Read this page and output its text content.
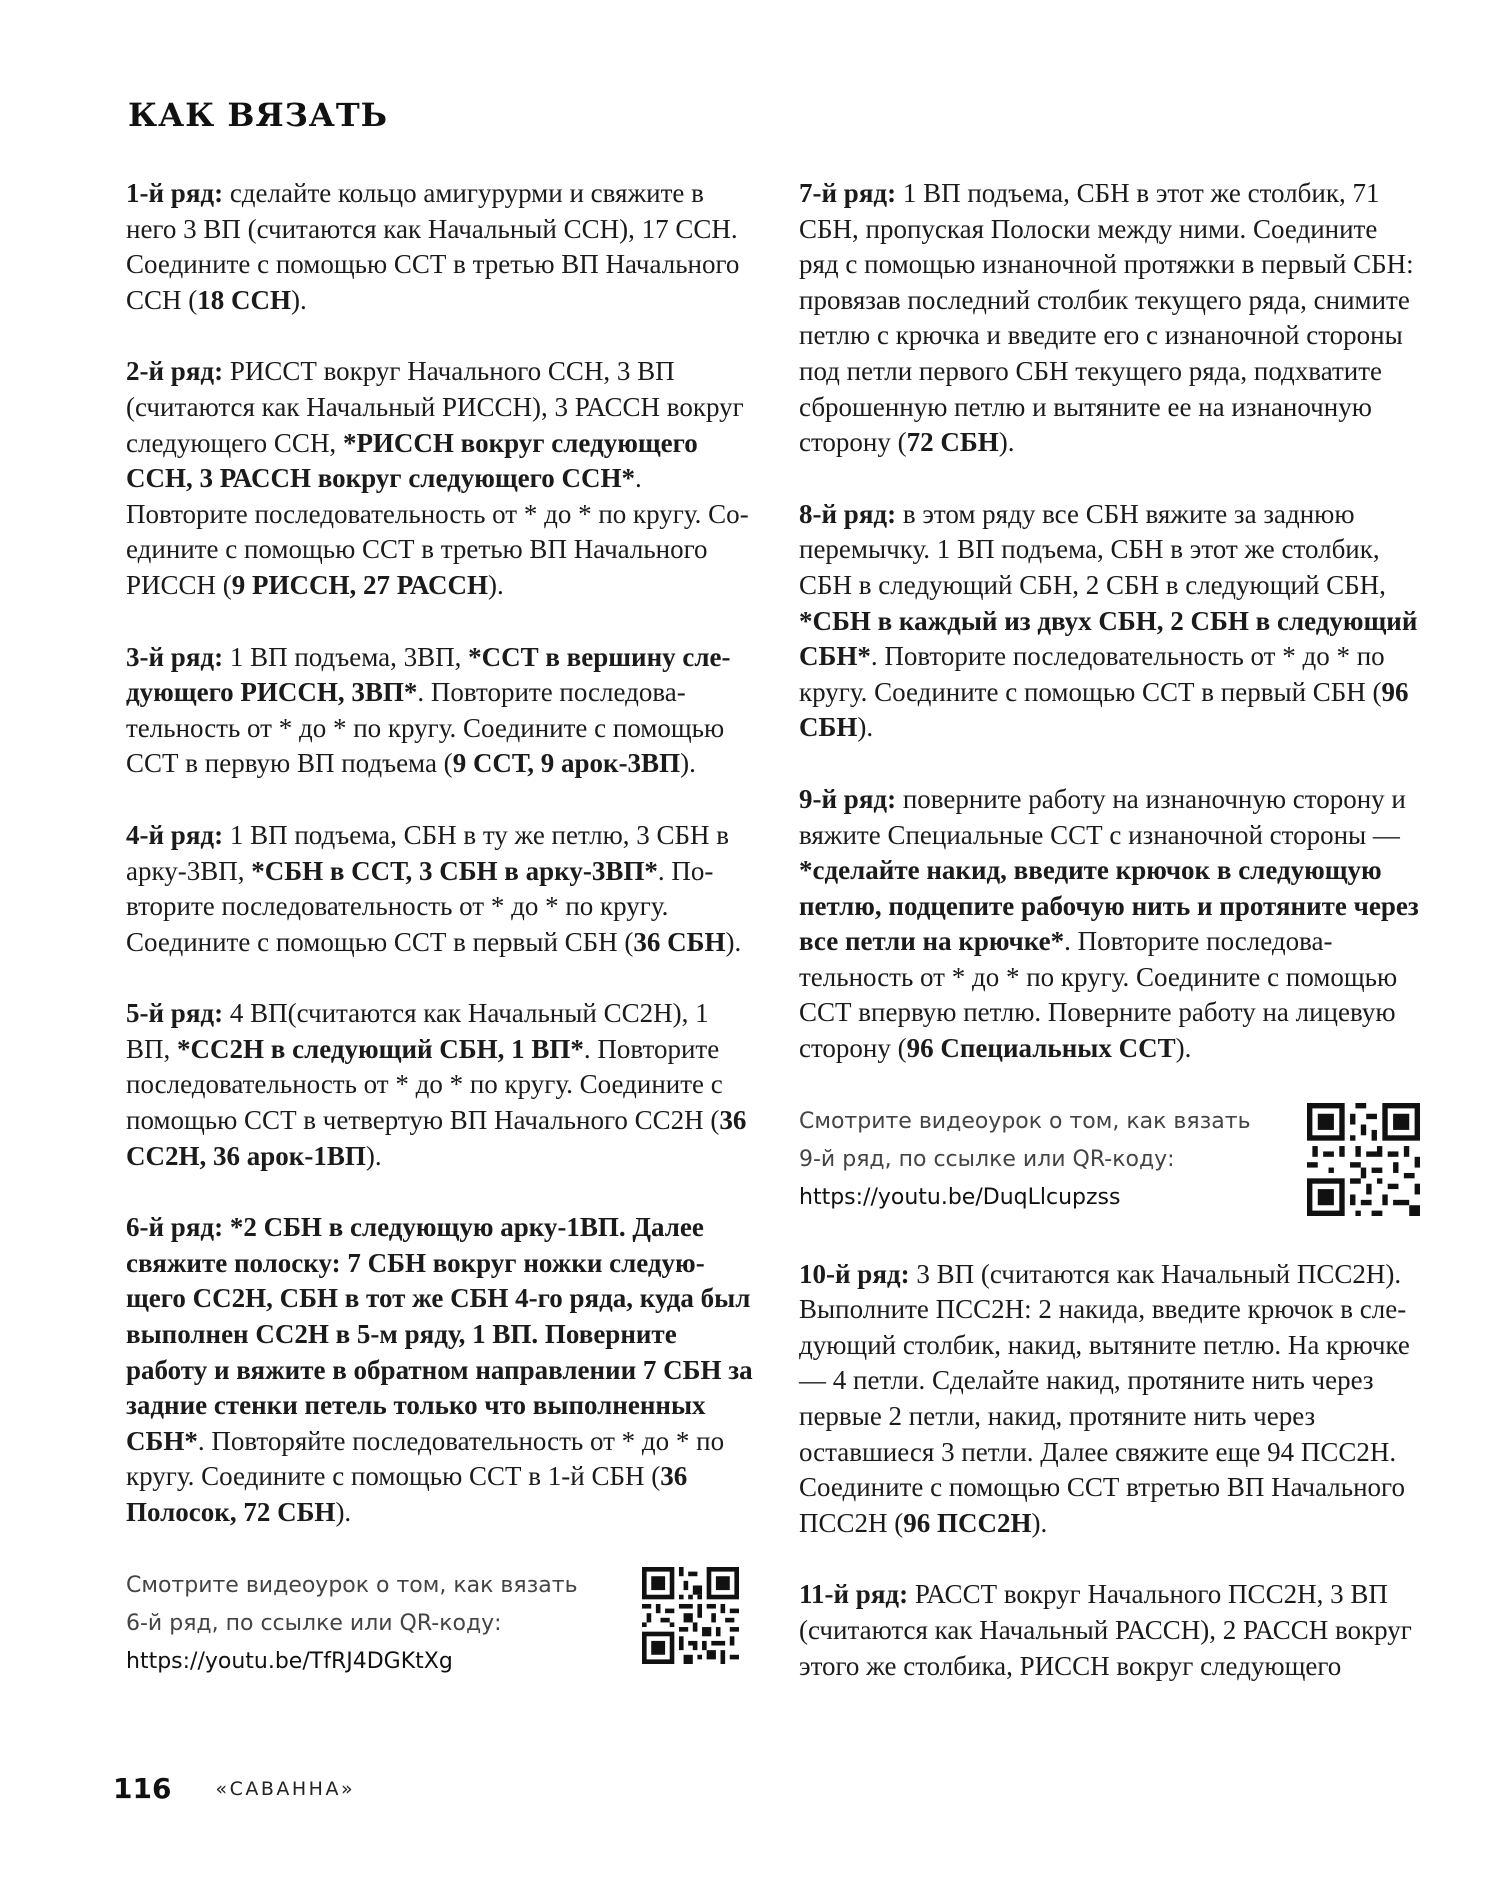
КАК ВЯЗАТЬ

1-й ряд: сделайте кольцо амигурурми и свяжите в него 3 ВП (считаются как Начальный ССН), 17 ССН. Соедините с помощью ССТ в третью ВП Начального ССН (18 ССН).

2-й ряд: РИССТ вокруг Начального ССН, 3 ВП (считаются как Начальный РИССН), 3 РАССН вокруг следующего ССН, *РИССН вокруг следующего ССН, 3 РАССН вокруг следующего ССН*. Повторите последовательность от * до * по кругу. Соедините с помощью ССТ в третью ВП Начального РИССН (9 РИССН, 27 РАССН).

3-й ряд: 1 ВП подъема, 3ВП, *ССТ в вершину следующего РИССН, 3ВП*. Повторите последовательность от * до * по кругу. Соедините с помощью ССТ в первую ВП подъема (9 ССТ, 9 арок-3ВП).

4-й ряд: 1 ВП подъема, СБН в ту же петлю, 3 СБН в арку-3ВП, *СБН в ССТ, 3 СБН в арку-3ВП*. Повторите последовательность от * до * по кругу. Соедините с помощью ССТ в первый СБН (36 СБН).

5-й ряд: 4 ВП(считаются как Начальный СС2Н), 1 ВП, *СС2Н в следующий СБН, 1 ВП*. Повторите последовательность от * до * по кругу. Соедините с помощью ССТ в четвертую ВП Начального СС2Н (36 СС2Н, 36 арок-1ВП).

6-й ряд: *2 СБН в следующую арку-1ВП. Далее свяжите полоску: 7 СБН вокруг ножки следующего СС2Н, СБН в тот же СБН 4-го ряда, куда был выполнен СС2Н в 5-м ряду, 1 ВП. Поверните работу и вяжите в обратном направлении 7 СБН за задние стенки петель только что выполненных СБН*. Повторяйте последовательность от * до * по кругу. Соедините с помощью ССТ в 1-й СБН (36 Полосок, 72 СБН).

Смотрите видеоурок о том, как вязать
6-й ряд, по ссылке или QR-коду:
https://youtu.be/TfRJ4DGKtXg

7-й ряд: 1 ВП подъема, СБН в этот же столбик, 71 СБН, пропуская Полоски между ними. Соедините ряд с помощью изнаночной протяжки в первый СБН: провязав последний столбик текущего ряда, снимите петлю с крючка и введите его с изнаночной стороны под петли первого СБН текущего ряда, подхватите сброшенную петлю и вытяните ее на изнаночную сторону (72 СБН).

8-й ряд: в этом ряду все СБН вяжите за заднюю перемычку. 1 ВП подъема, СБН в этот же столбик, СБН в следующий СБН, 2 СБН в следующий СБН, *СБН в каждый из двух СБН, 2 СБН в следующий СБН*. Повторите последовательность от * до * по кругу. Соедините с помощью ССТ в первый СБН (96 СБН).

9-й ряд: поверните работу на изнаночную сторону и вяжите Специальные ССТ с изнаночной стороны — *сделайте накид, введите крючок в следующую петлю, подцепите рабочую нить и протяните через все петли на крючке*. Повторите последовательность от * до * по кругу. Соедините с помощью ССТ впервую петлю. Поверните работу на лицевую сторону (96 Специальных ССТ).

Смотрите видеоурок о том, как вязать
9-й ряд, по ссылке или QR-коду:
https://youtu.be/DuqLlcupzss

10-й ряд: 3 ВП (считаются как Начальный ПСС2Н). Выполните ПСС2Н: 2 накида, введите крючок в следующий столбик, накид, вытяните петлю. На крючке — 4 петли. Сделайте накид, протяните нить через первые 2 петли, накид, протяните нить через оставшиеся 3 петли. Далее свяжите еще 94 ПСС2Н. Соедините с помощью ССТ втретью ВП Начального ПСС2Н (96 ПСС2Н).

11-й ряд: РАССТ вокруг Начального ПСС2Н, 3 ВП (считаются как Начальный РАССН), 2 РАССН вокруг этого же столбика, РИССН вокруг следующего

116 «САВАННА»
